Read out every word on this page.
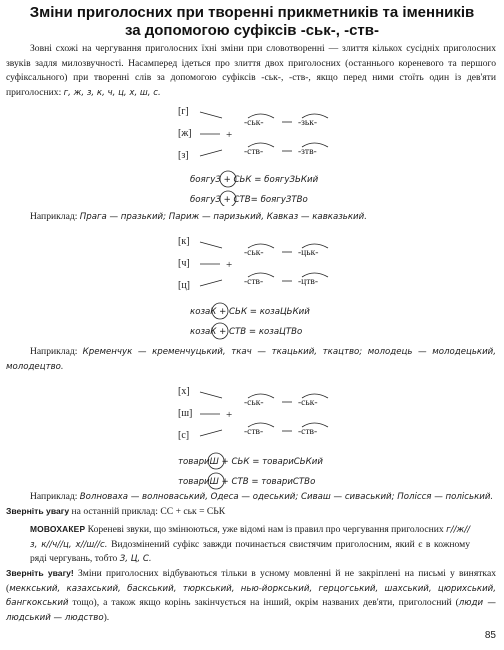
Зміни приголосних при творенні прикметників та іменників
за допомогою суфіксів -ськ-, -ств-

Зовні схожі на чергування приголосних їхні зміни при словотворенні — злиття кількох сусідніх приголосних звуків задля милозвучності. Насамперед ідеться про злиття двох приголосних (останнього кореневого та першого суфіксального) при творенні слів за допомогою суфіксів -ськ-, -ств-, якщо перед ними стоїть один із дев'яти приголосних: г, ж, з, к, ч, ц, х, ш, с.

[г]
[ж]
[з]
+
-ськ-
-ств-
-зьк-
-зтв-
боягуЗ + СЬК = боягуЗЬКий
боягуЗ + СТВ= боягуЗТВо

Наприклад: Прага — празький; Париж — паризький, Кавказ — кавказький.

[к]
[ч]
[ц]
+
-ськ-
-ств-
-цьк-
-цтв-
козаК + СЬК = козаЦЬКий
козаК + СТВ = козаЦТВо

Наприклад: Кременчук — кременчуцький, ткач — ткацький, ткацтво; молодець — молодецький, молодецтво.

[х]
[ш]
[с]
+
-ськ-
-ств-
-ськ-
-ств-
товариШ + СЬК = товариСЬКий
товариШ + СТВ = товариСТВо

Наприклад: Волноваха — волноваський, Одеса — одеський; Сиваш — сиваський; Полісся — поліський.

Зверніть увагу на останній приклад: СС + ськ = СЬК

МОВОХАКЕР Кореневі звуки, що змінюються, уже відомі нам із правил про чергування приголосних г//ж//з, к//ч//ц, х//ш//с. Видозмінений суфікс завжди починається свистячим приголосним, який є в кожному ряді чергувань, тобто З, Ц, С.

Зверніть увагу! Зміни приголосних відбуваються тільки в усному мовленні й не закріплені на письмі у винятках (меккський, казахський, баскський, тюркський, нью-йоркський, герцогський, шахський, цюрихський, бангкокський тощо), а також якщо корінь закінчується на інший, окрім названих дев'яти, приголосний (люди — людський — людство).

85
